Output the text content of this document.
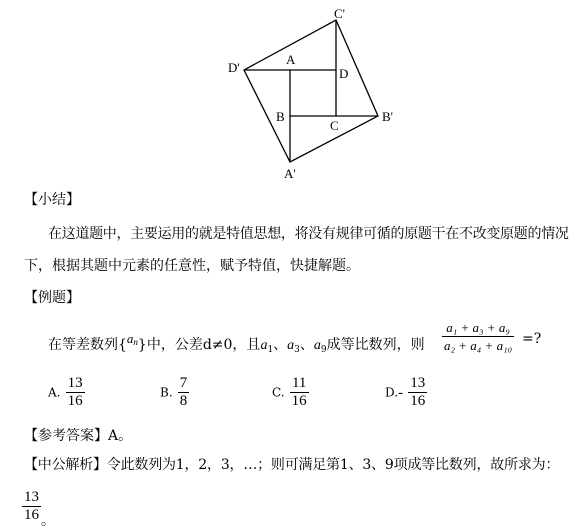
C'
D'
A
D
B
C
B'
A'
【小结】
在这道题中，主要运用的就是特值思想，将没有规律可循的原题干在不改变原题的情况
下，根据其题中元素的任意性，赋予特值，快捷解题。
【例题】
在等差数列$\{a^n\}$中，公差d≠0，且$a_1$、$a_3$、$a_9$成等比数列，则 $\frac{\text{a₁ + a₃ + a₉}}{\text{a₂ + a₄ + a₁₀}}$ =?
A. $\frac{13}{16}$	B. $\frac{7}{8}$	C. $\frac{11}{16}$	$D.- \frac{13}{16}$
【参考答案】A。
【中公解析】令此数列为1，2，3，…；则可满足第1、3、9项成等比数列，故所求为：
$\frac{13}{16}$ 。
